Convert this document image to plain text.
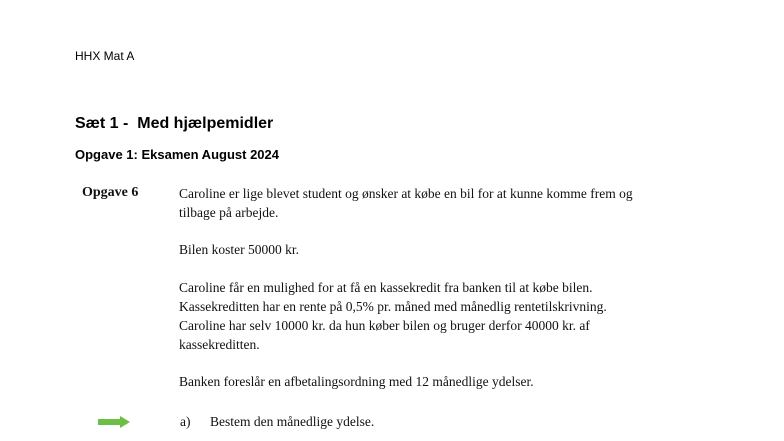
HHX Mat A
Sæt 1 -  Med hjælpemidler
Opgave 1: Eksamen August 2024
Opgave 6	Caroline er lige blevet student og ønsker at købe en bil for at kunne komme frem og
tilbage på arbejde.
Bilen koster 50000 kr.
Caroline får en mulighed for at få en kassekredit fra banken til at købe bilen.
Kassekreditten har en rente på 0,5% pr. måned med månedlig rentetilskrivning.
Caroline har selv 10000 kr. da hun køber bilen og bruger derfor 40000 kr. af
kassekreditten.
Banken foreslår en afbetalingsordning med 12 månedlige ydelser.
a) Bestem den månedlige ydelse.
